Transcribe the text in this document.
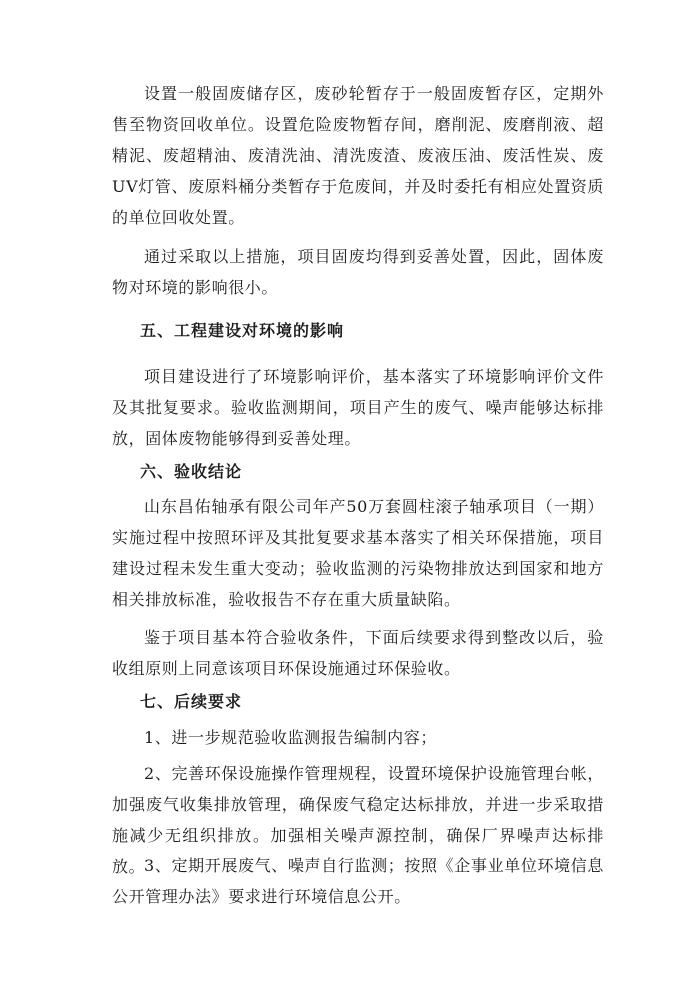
设置一般固废储存区，废砂轮暂存于一般固废暂存区，定期外售至物资回收单位。设置危险废物暂存间，磨削泥、废磨削液、超精泥、废超精油、废清洗油、清洗废渣、废液压油、废活性炭、废UV灯管、废原料桶分类暂存于危废间，并及时委托有相应处置资质的单位回收处置。

通过采取以上措施，项目固废均得到妥善处置，因此，固体废物对环境的影响很小。

五、工程建设对环境的影响

项目建设进行了环境影响评价，基本落实了环境影响评价文件及其批复要求。验收监测期间，项目产生的废气、噪声能够达标排放，固体废物能够得到妥善处理。

六、验收结论

山东昌佑轴承有限公司年产50万套圆柱滚子轴承项目（一期）实施过程中按照环评及其批复要求基本落实了相关环保措施，项目建设过程未发生重大变动；验收监测的污染物排放达到国家和地方相关排放标准，验收报告不存在重大质量缺陷。

鉴于项目基本符合验收条件，下面后续要求得到整改以后，验收组原则上同意该项目环保设施通过环保验收。

七、后续要求

1、进一步规范验收监测报告编制内容；

2、完善环保设施操作管理规程，设置环境保护设施管理台帐，加强废气收集排放管理，确保废气稳定达标排放，并进一步采取措施减少无组织排放。加强相关噪声源控制，确保厂界噪声达标排放。

3、定期开展废气、噪声自行监测；按照《企事业单位环境信息公开管理办法》要求进行环境信息公开。
